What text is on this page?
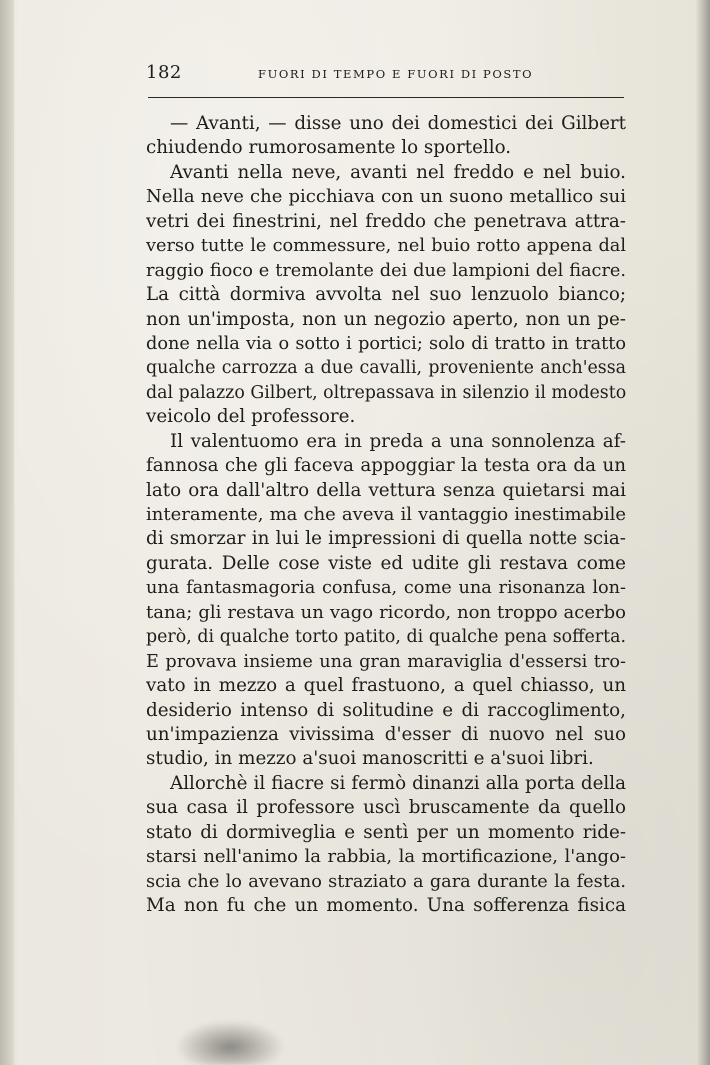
182	FUORI DI TEMPO E FUORI DI POSTO
— Avanti, — disse uno dei domestici dei Gilbert
chiudendo rumorosamente lo sportello.
Avanti nella neve, avanti nel freddo e nel buio.
Nella neve che picchiava con un suono metallico sui
vetri dei finestrini, nel freddo che penetrava attra-
verso tutte le commessure, nel buio rotto appena dal
raggio fioco e tremolante dei due lampioni del fiacre.
La città dormiva avvolta nel suo lenzuolo bianco;
non un'imposta, non un negozio aperto, non un pe-
done nella via o sotto i portici; solo di tratto in tratto
qualche carrozza a due cavalli, proveniente anch'essa
dal palazzo Gilbert, oltrepassava in silenzio il modesto
veicolo del professore.
Il valentuomo era in preda a una sonnolenza af-
fannosa che gli faceva appoggiar la testa ora da un
lato ora dall'altro della vettura senza quietarsi mai
interamente, ma che aveva il vantaggio inestimabile
di smorzar in lui le impressioni di quella notte scia-
gurata. Delle cose viste ed udite gli restava come
una fantasmagoria confusa, come una risonanza lon-
tana; gli restava un vago ricordo, non troppo acerbo
però, di qualche torto patito, di qualche pena sofferta.
E provava insieme una gran maraviglia d'essersi tro-
vato in mezzo a quel frastuono, a quel chiasso, un
desiderio intenso di solitudine e di raccoglimento,
un'impazienza vivissima d'esser di nuovo nel suo
studio, in mezzo a'suoi manoscritti e a'suoi libri.
Allorchè il fiacre si fermò dinanzi alla porta della
sua casa il professore uscì bruscamente da quello
stato di dormiveglia e sentì per un momento ride-
starsi nell'animo la rabbia, la mortificazione, l'ango-
scia che lo avevano straziato a gara durante la festa.
Ma non fu che un momento. Una sofferenza fisica
